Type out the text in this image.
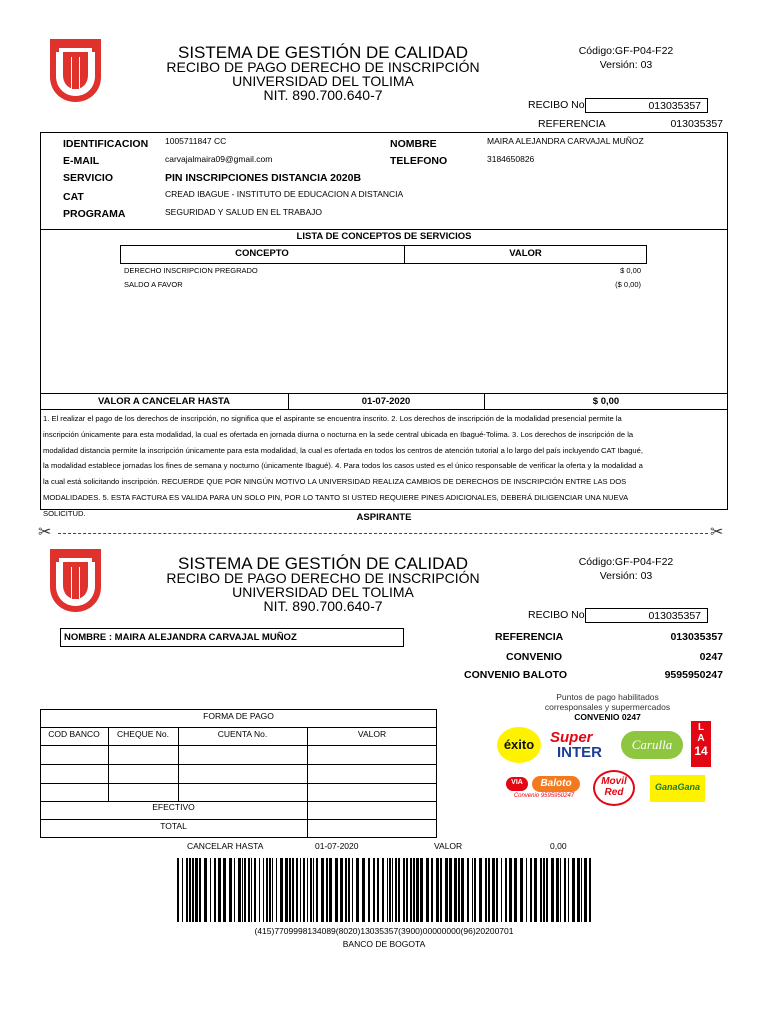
SISTEMA DE GESTIÓN DE CALIDAD
RECIBO DE PAGO DERECHO DE INSCRIPCIÓN
UNIVERSIDAD DEL TOLIMA
NIT. 890.700.640-7
Código:GF-P04-F22
Versión: 03
RECIBO No	013035357
REFERENCIA	013035357
IDENTIFICACION 1005711847 CC
E-MAIL	carvajalmaira09@gmail.com
SERVICIO	PIN INSCRIPCIONES DISTANCIA 2020B
CAT	CREAD IBAGUE - INSTITUTO DE EDUCACION A DISTANCIA
PROGRAMA	SEGURIDAD Y SALUD EN EL TRABAJO
NOMBRE	MAIRA ALEJANDRA CARVAJAL MUÑOZ
TELEFONO	3184650826
LISTA DE CONCEPTOS DE SERVICIOS
CONCEPTO	VALOR
DERECHO INSCRIPCION PREGRADO	$ 0,00
SALDO A FAVOR	($ 0,00)
VALOR A CANCELAR HASTA	01-07-2020	$ 0,00
1. El realizar el pago de los derechos de inscripción, no significa que el aspirante se encuentra inscrito. 2. Los derechos de inscripción de la modalidad presencial permite la
inscripción únicamente para esta modalidad, la cual es ofertada en jornada diurna o nocturna en la sede central ubicada en Ibagué-Tolima. 3. Los derechos de inscripción de la
modalidad distancia permite la inscripción únicamente para esta modalidad, la cual es ofertada en todos los centros de atención tutorial a lo largo del país incluyendo CAT Ibagué,
la modalidad establece jornadas los fines de semana y nocturno (únicamente Ibagué). 4. Para todos los casos usted es el único responsable de verificar la oferta y la modalidad a
la cual está solicitando inscripción. RECUERDE QUE POR NINGÚN MOTIVO LA UNIVERSIDAD REALIZA CAMBIOS DE DERECHOS DE INSCRIPCIÓN ENTRE LAS DOS
MODALIDADES. 5. ESTA FACTURA ES VALIDA PARA UN SOLO PIN, POR LO TANTO SI USTED REQUIERE PINES ADICIONALES, DEBERÁ DILIGENCIAR UNA NUEVA
SOLICITUD.	ASPIRANTE
✂	✂
SISTEMA DE GESTIÓN DE CALIDAD
RECIBO DE PAGO DERECHO DE INSCRIPCIÓN
UNIVERSIDAD DEL TOLIMA
NIT. 890.700.640-7
Código:GF-P04-F22
Versión: 03
RECIBO No	013035357
NOMBRE : MAIRA ALEJANDRA CARVAJAL MUÑOZ	REFERENCIA	013035357
CONVENIO	0247
CONVENIO BALOTO	9595950247
FORMA DE PAGO
COD BANCO	CHEQUE No.	CUENTA No.	VALOR
EFECTIVO
TOTAL
CANCELAR HASTA	01-07-2020	VALOR	0,00
Puntos de pago habilitados
corresponsales y supermercados
CONVENIO 0247
éxito	Super
INTER	Carulla
L
A
14
VIA	Baloto
Convenio 9595950247
Movil
Red	GanaGana
(415)7709998134089(8020)13035357(3900)00000000(96)20200701
BANCO DE BOGOTA
